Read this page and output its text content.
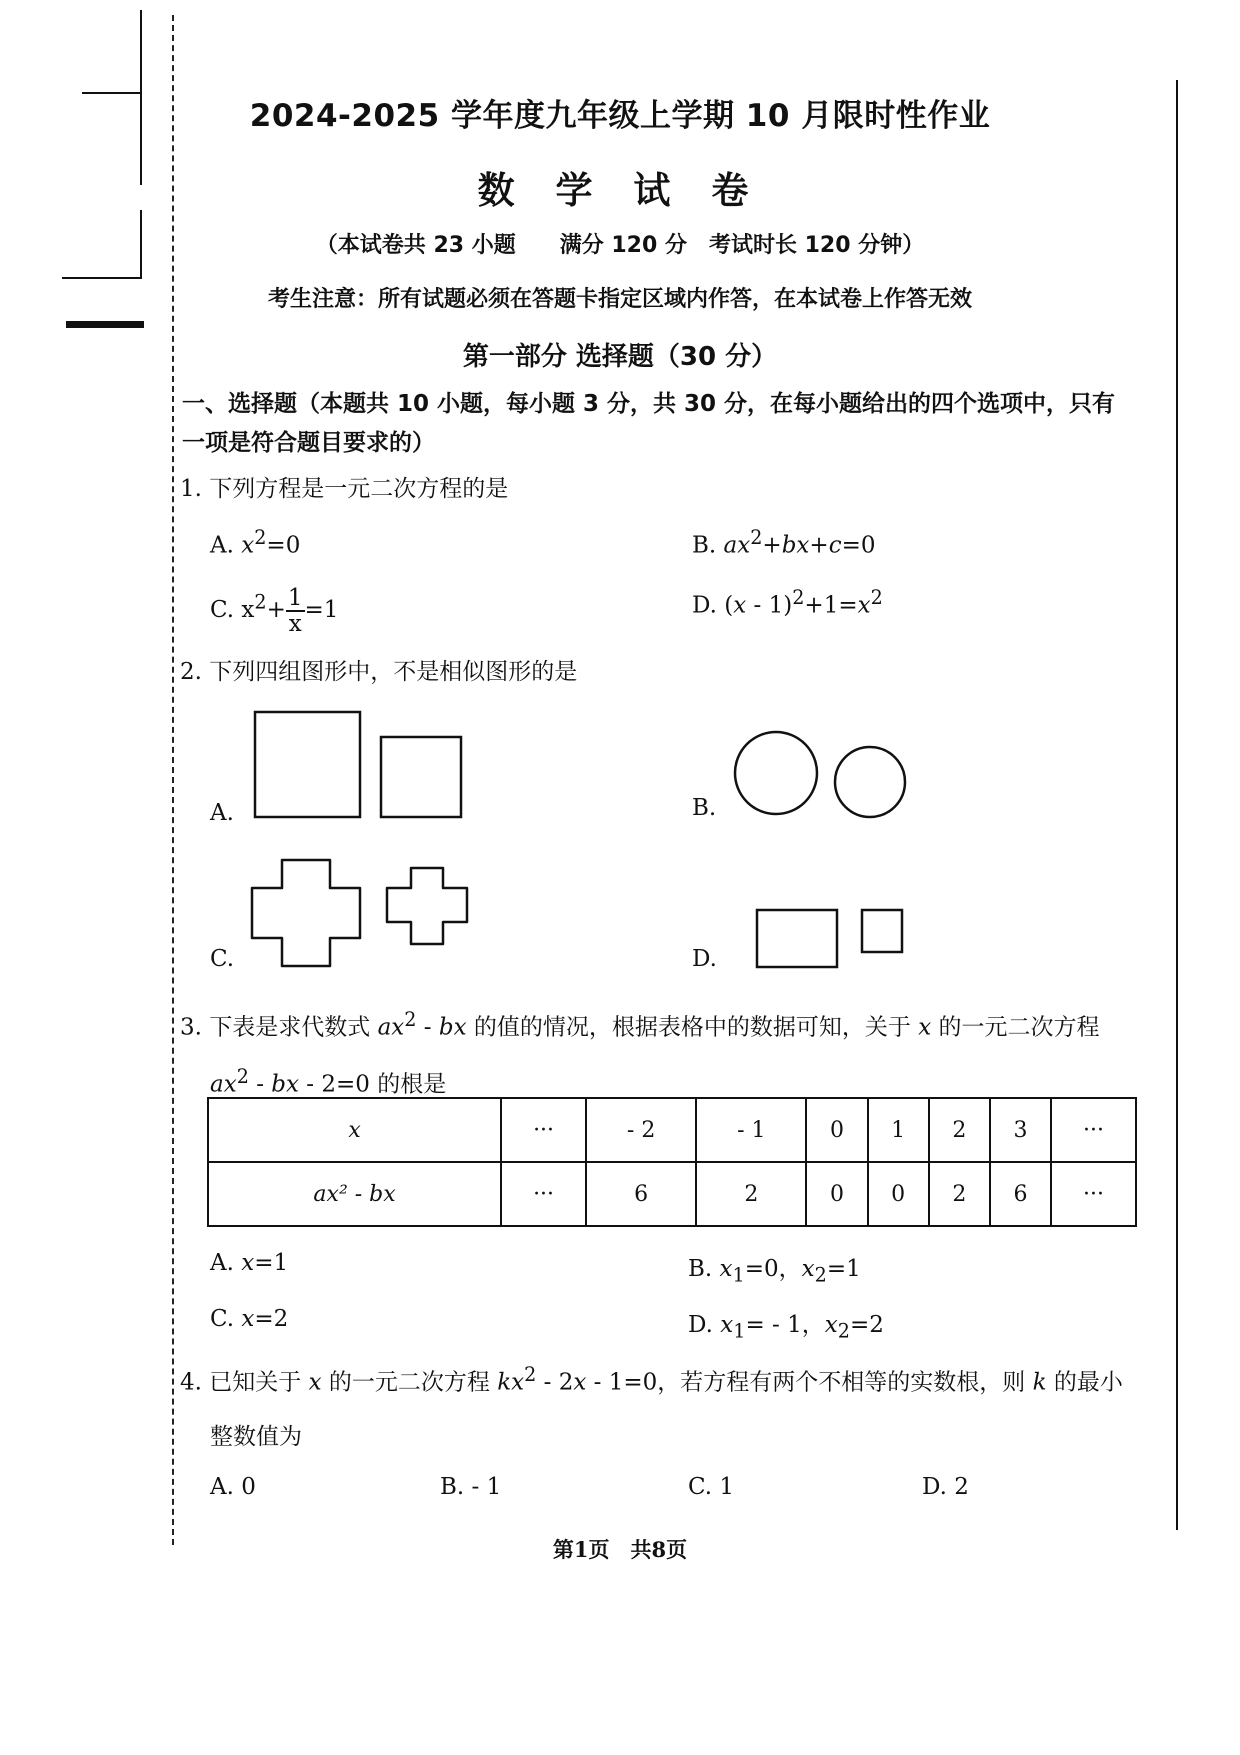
2024-2025 学年度九年级上学期 10 月限时性作业
数 学 试 卷
（本试卷共 23 小题　　满分 120 分　考试时长 120 分钟）
考生注意：所有试题必须在答题卡指定区域内作答，在本试卷上作答无效
第一部分 选择题（30 分）
一、选择题（本题共 10 小题，每小题 3 分，共 30 分，在每小题给出的四个选项中，只有
一项是符合题目要求的）
1. 下列方程是一元二次方程的是
A. $x^2=0$	B. $ax^2+bx+c=0$
C. $x^2+ \frac{1}{x} =1$	D. $(x - 1)^2+1=x^2$
2. 下列四组图形中，不是相似图形的是
A.	B.
C.	D.
3. 下表是求代数式 $ax^2$ - bx 的值的情况，根据表格中的数据可知，关于 x 的一元二次方程
$ax^2$ - bx - 2=0 的根是
x	···	- 2	- 1	0	1	2	3	···
ax² - bx	···	6	2	0	0	2	6	···
A. x=1	B. $x_1=0$，$x_2=1$
C. x=2	D. $x_1= - 1$，$x_2=2$
4. 已知关于 x 的一元二次方程 $kx^2 - 2x - 1=0$，若方程有两个不相等的实数根，则 k 的最小
整数值为
A. 0	B. - 1	C. 1	D. 2
第1页　共8页
